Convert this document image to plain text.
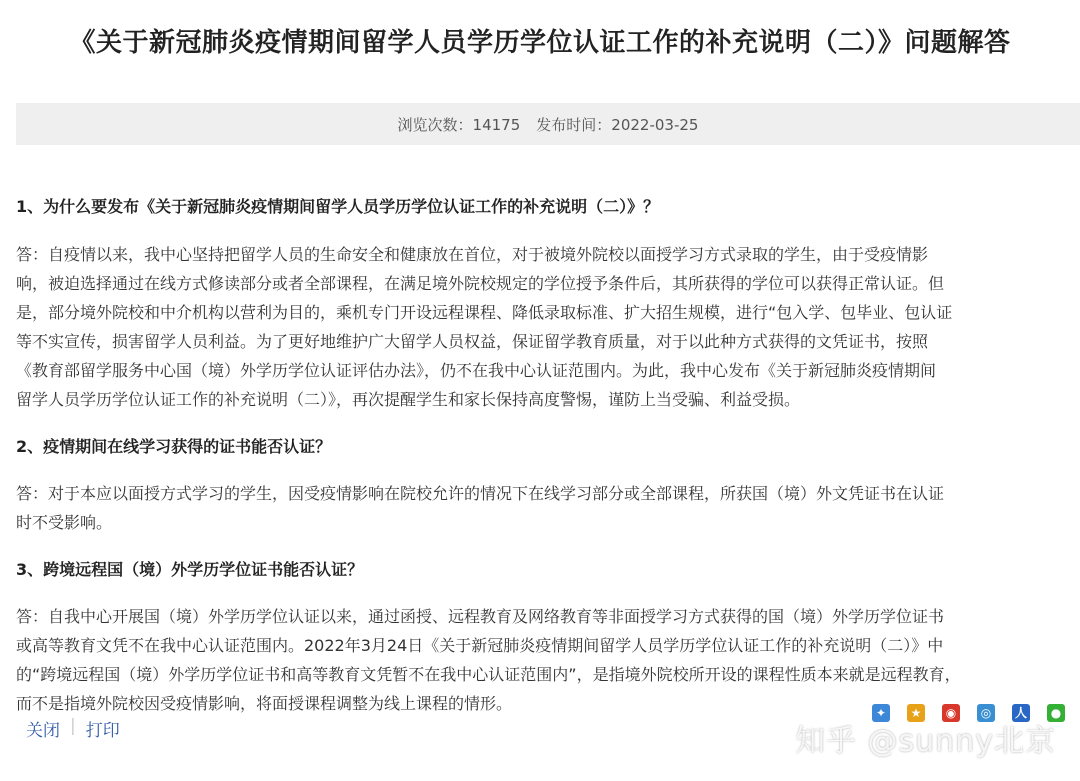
《关于新冠肺炎疫情期间留学人员学历学位认证工作的补充说明（二）》问题解答
浏览次数：14175 发布时间：2022-03-25
1、为什么要发布《关于新冠肺炎疫情期间留学人员学历学位认证工作的补充说明（二）》？
答：自疫情以来，我中心坚持把留学人员的生命安全和健康放在首位，对于被境外院校以面授学习方式录取的学生，由于受疫情影
响，被迫选择通过在线方式修读部分或者全部课程，在满足境外院校规定的学位授予条件后，其所获得的学位可以获得正常认证。但
是，部分境外院校和中介机构以营利为目的，乘机专门开设远程课程、降低录取标准、扩大招生规模，进行“包入学、包毕业、包认证
等不实宣传，损害留学人员利益。为了更好地维护广大留学人员权益，保证留学教育质量，对于以此种方式获得的文凭证书，按照
《教育部留学服务中心国（境）外学历学位认证评估办法》，仍不在我中心认证范围内。为此，我中心发布《关于新冠肺炎疫情期间
留学人员学历学位认证工作的补充说明（二）》，再次提醒学生和家长保持高度警惕，谨防上当受骗、利益受损。
2、疫情期间在线学习获得的证书能否认证？
答：对于本应以面授方式学习的学生，因受疫情影响在院校允许的情况下在线学习部分或全部课程，所获国（境）外文凭证书在认证
时不受影响。
3、跨境远程国（境）外学历学位证书能否认证？
答：自我中心开展国（境）外学历学位认证以来，通过函授、远程教育及网络教育等非面授学习方式获得的国（境）外学历学位证书
或高等教育文凭不在我中心认证范围内。2022年3月24日《关于新冠肺炎疫情期间留学人员学历学位认证工作的补充说明（二）》中
的“跨境远程国（境）外学历学位证书和高等教育文凭暂不在我中心认证范围内”，是指境外院校所开设的课程性质本来就是远程教育，
而不是指境外院校因受疫情影响，将面授课程调整为线上课程的情形。
关闭 | 打印
✦	★	◉	◎	人	●
知乎 @sunny北京
